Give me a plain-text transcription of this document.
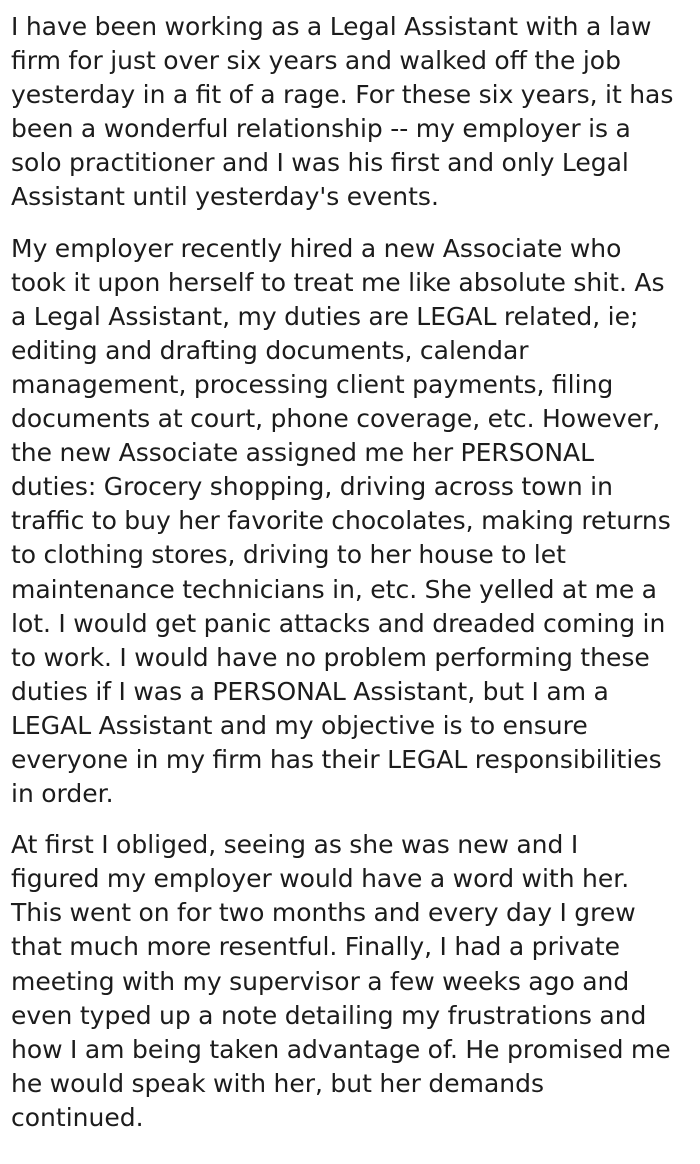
I have been working as a Legal Assistant with a law
firm for just over six years and walked off the job
yesterday in a fit of a rage. For these six years, it has
been a wonderful relationship -- my employer is a
solo practitioner and I was his first and only Legal
Assistant until yesterday's events.

My employer recently hired a new Associate who
took it upon herself to treat me like absolute shit. As
a Legal Assistant, my duties are LEGAL related, ie;
editing and drafting documents, calendar
management, processing client payments, filing
documents at court, phone coverage, etc. However,
the new Associate assigned me her PERSONAL
duties: Grocery shopping, driving across town in
traffic to buy her favorite chocolates, making returns
to clothing stores, driving to her house to let
maintenance technicians in, etc. She yelled at me a
lot. I would get panic attacks and dreaded coming in
to work. I would have no problem performing these
duties if I was a PERSONAL Assistant, but I am a
LEGAL Assistant and my objective is to ensure
everyone in my firm has their LEGAL responsibilities
in order.

At first I obliged, seeing as she was new and I
figured my employer would have a word with her.
This went on for two months and every day I grew
that much more resentful. Finally, I had a private
meeting with my supervisor a few weeks ago and
even typed up a note detailing my frustrations and
how I am being taken advantage of. He promised me
he would speak with her, but her demands
continued.
